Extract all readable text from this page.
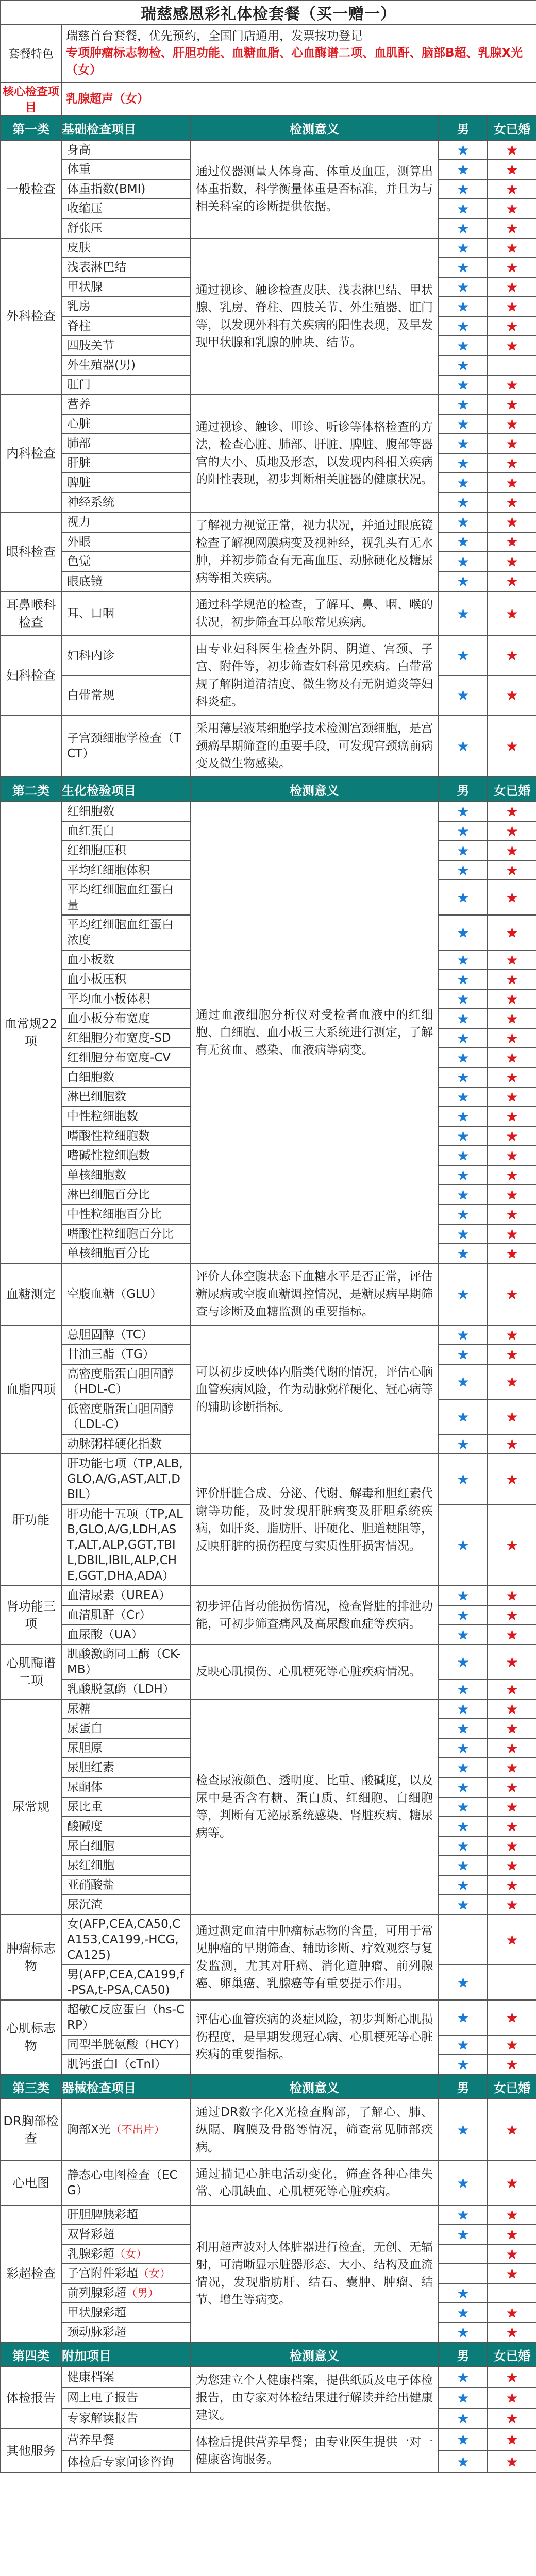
瑞慈感恩彩礼体检套餐（买一赠一）				
套餐特色	瑞慈首台套餐，优先预约，全国门店通用，发票按功登记
专项肿瘤标志物检、肝胆功能、血糖血脂、心血酶谱二项、血肌酐、脑部B超、乳腺X光（女）			

核心检查项目	乳腺超声（女）			
第一类	基础检查项目	检测意义	男	女已婚
一般检查	身高	通过仪器测量人体身高、体重及血压，测算出体重指数，科学衡量体重是否标准，并且为与相关科室的诊断提供依据。	★	★
	体重		★	★
	体重指数(BMI)		★	★
	收缩压		★	★
	舒张压		★	★
外科检查	皮肤	通过视诊、触诊检查皮肤、浅表淋巴结、甲状腺、乳房、脊柱、四肢关节、外生殖器、肛门等，以发现外科有关疾病的阳性表现，及早发现甲状腺和乳腺的肿块、结节。	★	★
	浅表淋巴结		★	★
	甲状腺		★	★
	乳房		★	★
	脊柱		★	★
	四肢关节		★	★
	外生殖器(男)		★	
	肛门		★	★
内科检查	营养	通过视诊、触诊、叩诊、听诊等体格检查的方法，检查心脏、肺部、肝脏、脾脏、腹部等器官的大小、质地及形态，以发现内科相关疾病的阳性表现，初步判断相关脏器的健康状况。	★	★
	心脏		★	★
	肺部		★	★
	肝脏		★	★
	脾脏		★	★
	神经系统		★	★
眼科检查	视力	了解视力视觉正常，视力状况，并通过眼底镜检查了解视网膜病变及视神经，视乳头有无水肿，并初步筛查有无高血压、动脉硬化及糖尿病等相关疾病。	★	★
	外眼		★	★
	色觉		★	★
	眼底镜		★	★
耳鼻喉科检查	耳、口咽	通过科学规范的检查，了解耳、鼻、咽、喉的状况，初步筛查耳鼻喉常见疾病。	★	★
妇科检查	妇科内诊	由专业妇科医生检查外阴、阴道、宫颈、子宫、附件等，初步筛查妇科常见疾病。白带常规了解阴道清洁度、微生物及有无阴道炎等妇科炎症。	★	★
	白带常规		★	★
	子宫颈细胞学检查（TCT）	采用薄层液基细胞学技术检测宫颈细胞，是宫颈癌早期筛查的重要手段，可发现宫颈癌前病变及微生物感染。	★	★
第二类	生化检验项目	检测意义	男	女已婚
血常规22项	红细胞数	通过血液细胞分析仪对受检者血液中的红细胞、白细胞、血小板三大系统进行测定，了解有无贫血、感染、血液病等病变。	★	★
	血红蛋白		★	★
	红细胞压积		★	★
	平均红细胞体积		★	★
	平均红细胞血红蛋白量		★	★
	平均红细胞血红蛋白浓度		★	★
	血小板数		★	★
	血小板压积		★	★
	平均血小板体积		★	★
	血小板分布宽度		★	★
	红细胞分布宽度-SD		★	★
	红细胞分布宽度-CV		★	★
	白细胞数		★	★
	淋巴细胞数		★	★
	中性粒细胞数		★	★
	嗜酸性粒细胞数		★	★
	嗜碱性粒细胞数		★	★
	单核细胞数		★	★
	淋巴细胞百分比		★	★
	中性粒细胞百分比		★	★
	嗜酸性粒细胞百分比		★	★
	单核细胞百分比		★	★
血糖测定	空腹血糖（GLU）	评价人体空腹状态下血糖水平是否正常，评估糖尿病或空腹血糖调控情况，是糖尿病早期筛查与诊断及血糖监测的重要指标。	★	★
血脂四项	总胆固醇（TC）	可以初步反映体内脂类代谢的情况，评估心脑血管疾病风险，作为动脉粥样硬化、冠心病等的辅助诊断指标。	★	★
	甘油三酯（TG）		★	★
	高密度脂蛋白胆固醇（HDL-C）		★	★
	低密度脂蛋白胆固醇（LDL-C）		★	★
	动脉粥样硬化指数		★	★
肝功能	肝功能七项（TP,ALB,GLO,A/G,AST,ALT,DBIL）	评价肝脏合成、分泌、代谢、解毒和胆红素代谢等功能，及时发现肝脏病变及肝胆系统疾病，如肝炎、脂肪肝、肝硬化、胆道梗阻等，反映肝脏的损伤程度与实质性肝损害情况。	★	★
	肝功能十五项（TP,ALB,GLO,A/G,LDH,AST,ALT,ALP,GGT,TBIL,DBIL,IBIL,ALP,CHE,GGT,DHA,ADA）		★	★
肾功能三项	血清尿素（UREA）	初步评估肾功能损伤情况，检查肾脏的排泄功能，可初步筛查痛风及高尿酸血症等疾病。	★	★
	血清肌酐（Cr）		★	★
	血尿酸（UA）		★	★
心肌酶谱二项	肌酸激酶同工酶（CK-MB）	反映心肌损伤、心肌梗死等心脏疾病情况。	★	★
	乳酸脱氢酶（LDH）		★	★
尿常规	尿糖	检查尿液颜色、透明度、比重、酸碱度，以及尿中是否含有糖、蛋白质、红细胞、白细胞等，判断有无泌尿系统感染、肾脏疾病、糖尿病等。	★	★
	尿蛋白		★	★
	尿胆原		★	★
	尿胆红素		★	★
	尿酮体		★	★
	尿比重		★	★
	酸碱度		★	★
	尿白细胞		★	★
	尿红细胞		★	★
	亚硝酸盐		★	★
	尿沉渣		★	★
肿瘤标志物	女(AFP,CEA,CA50,CA153,CA199,-HCG,CA125)	通过测定血清中肿瘤标志物的含量，可用于常见肿瘤的早期筛查、辅助诊断、疗效观察与复发监测，尤其对肝癌、消化道肿瘤、前列腺癌、卵巢癌、乳腺癌等有重要提示作用。		★
	男(AFP,CEA,CA199,f-PSA,t-PSA,CA50)		★	
心肌标志物	超敏C反应蛋白（hs-CRP）	评估心血管疾病的炎症风险，初步判断心肌损伤程度，是早期发现冠心病、心肌梗死等心脏疾病的重要指标。	★	★
	同型半胱氨酸（HCY）		★	★
	肌钙蛋白I（cTnI）		★	★
第三类	器械检查项目	检测意义	男	女已婚
DR胸部检查	胸部X光（不出片）	通过DR数字化X光检查胸部，了解心、肺、纵隔、胸膜及骨骼等情况，筛查常见肺部疾病。	★	★
心电图	静态心电图检查（ECG）	通过描记心脏电活动变化，筛查各种心律失常、心肌缺血、心肌梗死等心脏疾病。	★	★
彩超检查	肝胆脾胰彩超	利用超声波对人体脏器进行检查，无创、无辐射，可清晰显示脏器形态、大小、结构及血流情况，发现脂肪肝、结石、囊肿、肿瘤、结节、增生等病变。	★	★
	双肾彩超		★	★
	乳腺彩超（女）			★
	子宫附件彩超（女）			★
	前列腺彩超（男）		★	
	甲状腺彩超		★	★
	颈动脉彩超		★	★
第四类	附加项目	检测意义	男	女已婚
体检报告	健康档案	为您建立个人健康档案，提供纸质及电子体检报告，由专家对体检结果进行解读并给出健康建议。	★	★
	网上电子报告		★	★
	专家解读报告		★	★
其他服务	营养早餐	体检后提供营养早餐；由专业医生提供一对一健康咨询服务。	★	★
	体检后专家问诊咨询		★	★
